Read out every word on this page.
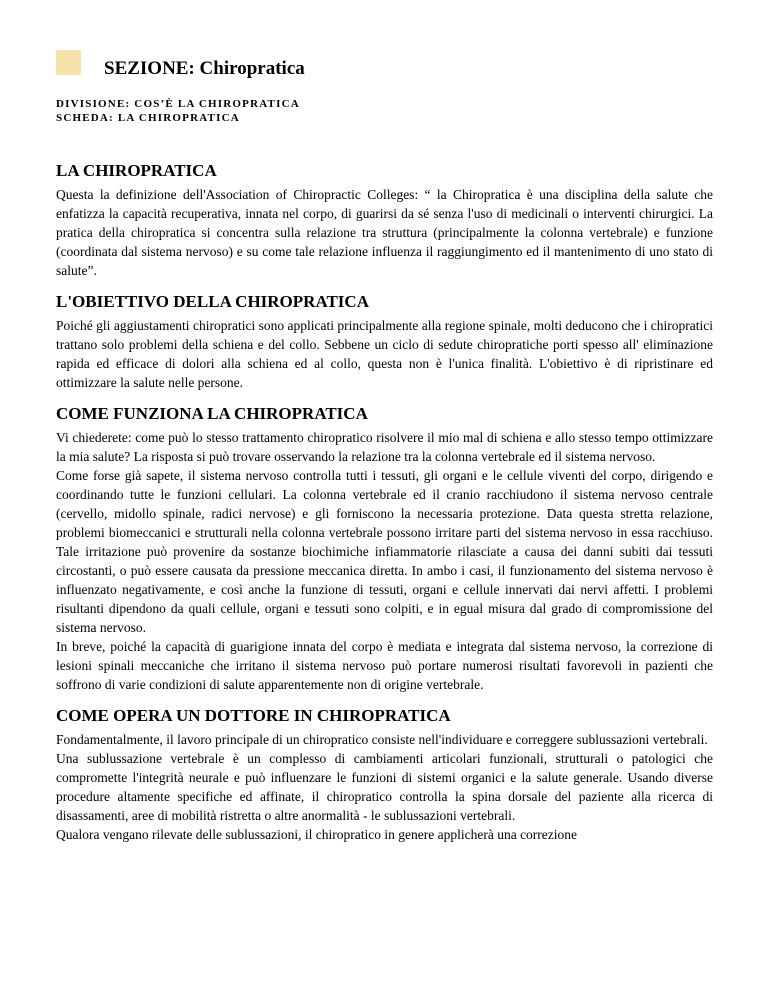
SEZIONE: Chiropratica
DIVISIONE: COS’È LA CHIROPRATICA
SCHEDA: LA CHIROPRATICA
LA CHIROPRATICA

Questa la definizione dell'Association of Chiropractic Colleges: “ la Chiropratica è una disciplina della salute che enfatizza la capacità recuperativa, innata nel corpo, di guarirsi da sé senza l'uso di medicinali o interventi chirurgici. La pratica della chiropratica si concentra sulla relazione tra struttura (principalmente la colonna vertebrale) e funzione (coordinata dal sistema nervoso) e su come tale relazione influenza il raggiungimento ed il mantenimento di uno stato di salute”.

L'OBIETTIVO DELLA CHIROPRATICA

Poiché gli aggiustamenti chiropratici sono applicati principalmente alla regione spinale, molti deducono che i chiropratici trattano solo problemi della schiena e del collo. Sebbene un ciclo di sedute chiropratiche porti spesso all' eliminazione rapida ed efficace di dolori alla schiena ed al collo, questa non è l'unica finalità. L'obiettivo è di ripristinare ed ottimizzare la salute nelle persone.

COME FUNZIONA LA CHIROPRATICA

Vi chiederete: come può lo stesso trattamento chiropratico risolvere il mio mal di schiena e allo stesso tempo ottimizzare la mia salute? La risposta si può trovare osservando la relazione tra la colonna vertebrale ed il sistema nervoso.

Come forse già sapete, il sistema nervoso controlla tutti i tessuti, gli organi e le cellule viventi del corpo, dirigendo e coordinando tutte le funzioni cellulari. La colonna vertebrale ed il cranio racchiudono il sistema nervoso centrale (cervello, midollo spinale, radici nervose) e gli forniscono la necessaria protezione. Data questa stretta relazione, problemi biomeccanici e strutturali nella colonna vertebrale possono irritare parti del sistema nervoso in essa racchiuso. Tale irritazione può provenire da sostanze biochimiche infiammatorie rilasciate a causa dei danni subiti dai tessuti circostanti, o può essere causata da pressione meccanica diretta. In ambo i casi, il funzionamento del sistema nervoso è influenzato negativamente, e così anche la funzione di tessuti, organi e cellule innervati dai nervi affetti. I problemi risultanti dipendono da quali cellule, organi e tessuti sono colpiti, e in egual misura dal grado di compromissione del sistema nervoso.

In breve, poiché la capacità di guarigione innata del corpo è mediata e integrata dal sistema nervoso, la correzione di lesioni spinali meccaniche che irritano il sistema nervoso può portare numerosi risultati favorevoli in pazienti che soffrono di varie condizioni di salute apparentemente non di origine vertebrale.

COME OPERA UN DOTTORE IN CHIROPRATICA

Fondamentalmente, il lavoro principale di un chiropratico consiste nell'individuare e correggere sublussazioni vertebrali.

Una sublussazione vertebrale è un complesso di cambiamenti articolari funzionali, strutturali o patologici che compromette l'integrità neurale e può influenzare le funzioni di sistemi organici e la salute generale. Usando diverse procedure altamente specifiche ed affinate, il chiropratico controlla la spina dorsale del paziente alla ricerca di disassamenti, aree di mobilità ristretta o altre anormalità - le sublussazioni vertebrali.

Qualora vengano rilevate delle sublussazioni, il chiropratico in genere applicherà una correzione
